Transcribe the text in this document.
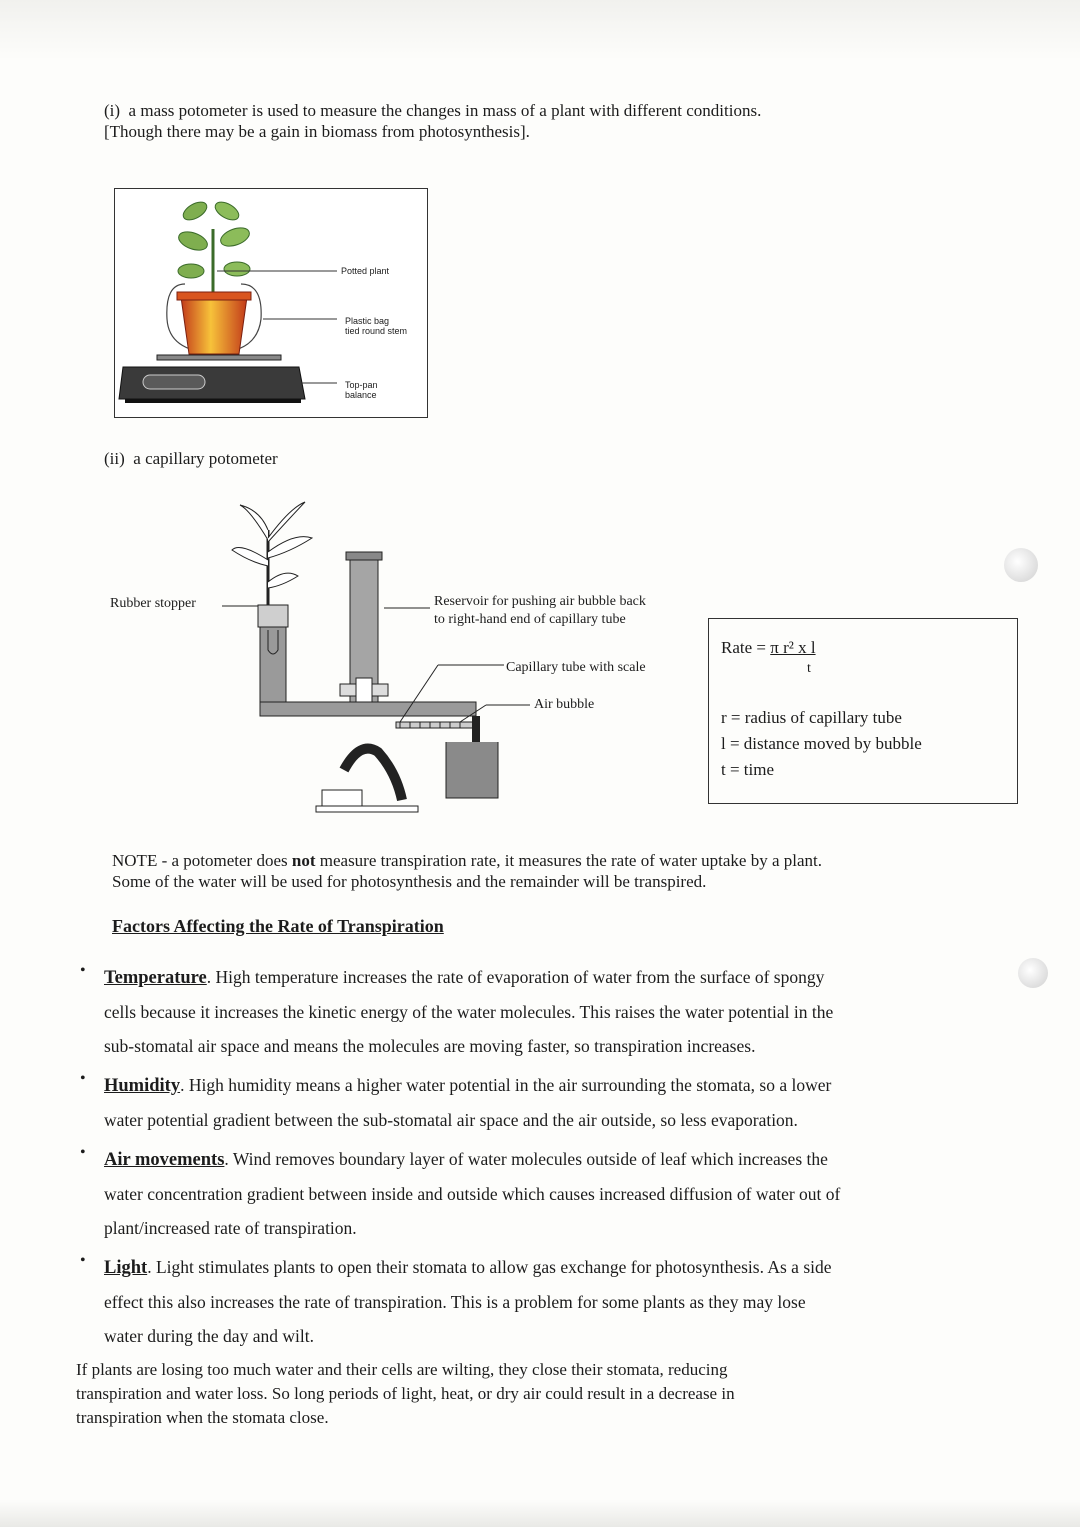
(i) a mass potometer is used to measure the changes in mass of a plant with different conditions.
[Though there may be a gain in biomass from photosynthesis].
Potted plant
Plastic bag
tied round stem
Top-pan
balance
(ii) a capillary potometer
Rubber stopper	Reservoir for pushing air bubble back
to right-hand end of capillary tube
Capillary tube with scale
Air bubble
Rate = π r² x l
t
r = radius of capillary tube
l = distance moved by bubble
t = time
NOTE - a potometer does not measure transpiration rate, it measures the rate of water uptake by a plant.
Some of the water will be used for photosynthesis and the remainder will be transpired.
Factors Affecting the Rate of Transpiration
• Temperature. High temperature increases the rate of evaporation of water from the surface of spongy
cells because it increases the kinetic energy of the water molecules. This raises the water potential in the
sub-stomatal air space and means the molecules are moving faster, so transpiration increases.
• Humidity. High humidity means a higher water potential in the air surrounding the stomata, so a lower
water potential gradient between the sub-stomatal air space and the air outside, so less evaporation.
• Air movements. Wind removes boundary layer of water molecules outside of leaf which increases the
water concentration gradient between inside and outside which causes increased diffusion of water out of
plant/increased rate of transpiration.
• Light. Light stimulates plants to open their stomata to allow gas exchange for photosynthesis. As a side
effect this also increases the rate of transpiration. This is a problem for some plants as they may lose
water during the day and wilt.
If plants are losing too much water and their cells are wilting, they close their stomata, reducing
transpiration and water loss. So long periods of light, heat, or dry air could result in a decrease in
transpiration when the stomata close.
